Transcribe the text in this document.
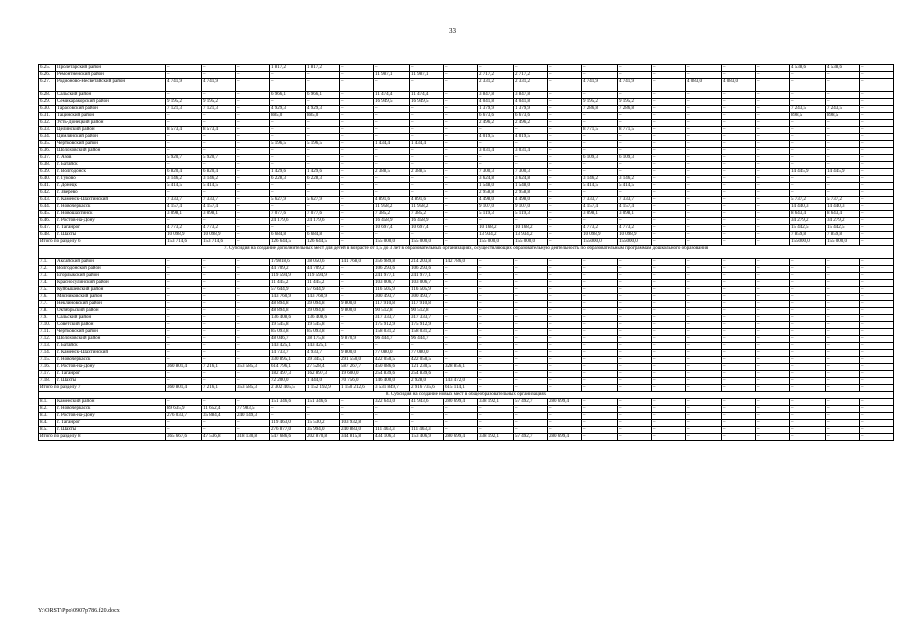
33
6.25.	Пролетарский район	–	–	–	1 817,2	1 817,2	–	–	–	–	–	–	–	–	–	–	–	–	–	4 538,6	4 538,6	–
6.26.	Ремонтненский район	–	–	–	–	–	–	11 987,1	11 987,1	–	2 717,2	2 717,2	–	–	–	–	–	–	–	–	–	–
6.27.	Родионово-Несветайский район	4 741,9	4 741,9	–	–	–	–	–	–	–	2 331,2	2 331,2	–	4 741,9	4 741,9	–	4 083,0	4 083,0	–	–	–	–
6.28.	Сальский район	–	–	–	6 966,1	6 966,1	–	11 474,4	11 474,4	–	3 847,8	3 847,8	–	–	–	–	–	–	–	–	–	–
6.29.	Семикаракорский район	9 195,2	9 195,2	–	–	–	–	16 949,5	16 949,5	–	4 041,8	4 041,8	–	9 195,2	9 195,2	–	–	–	–	–	–	–
6.30.	Тарасовский район	7 121,3	7 121,3	–	4 929,3	4 929,3	–	–	–	–	1 379,9	1 379,9	–	7 286,8	7 286,8	–	–	–	–	7 243,5	7 243,5	–
6.31.	Тацинский район	–	–	–	885,0	885,0	–	–	–	–	6 673,6	6 673,6	–	–	–	–	–	–	–	898,5	898,5	–
6.32.	Усть-Донецкий район	–	–	–	–	–	–	–	–	–	2 496,2	2 496,2	–	–	–	–	–	–	–	–	–	–
6.33.	Целинский район	8 573,4	8 573,4	–	–	–	–	–	–	–	–	–	–	8 771,5	8 771,5	–	–	–	–	–	–	–
6.34.	Цимлянский район	–	–	–	–	–	–	–	–	–	4 019,5	4 019,5	–	–	–	–	–	–	–	–	–	–
6.35.	Чертковский район	–	–	–	5 196,5	5 196,5	–	1 434,4	1 434,4	–	–	–	–	–	–	–	–	–	–	–	–	–
6.36.	Шолоховский район	–	–	–	–	–	–	–	–	–	3 031,4	3 031,4	–	–	–	–	–	–	–	–	–	–
6.37.	г. Азов	5 920,7	5 920,7	–	–	–	–	–	–	–	–	–	–	6 109,3	6 109,3	–	–	–	–	–	–	–
6.38.	г. Батайск	–	–	–	–	–	–	–	–	–	–	–	–	–	–	–	–	–	–	–	–	–
6.39.	г. Волгодонск	6 820,4	6 820,4	–	1 429,6	1 429,6	–	2 388,5	2 388,5	–	7 300,3	7 300,3	–	–	–	–	–	–	–	14 445,9	14 445,9	–
6.40.	г. Гуково	3 146,2	3 146,2	–	6 228,3	6 228,3	–	–	–	–	3 624,8	3 624,8	–	3 146,2	3 146,2	–	–	–	–	–	–	–
6.41.	г. Донецк	5 414,5	5 414,5	–	–	–	–	–	–	–	1 548,0	1 548,0	–	5 414,5	5 414,5	–	–	–	–	–	–	–
6.42.	г. Зверево	–	–	–	–	–	–	–	–	–	2 958,8	2 958,8	–	–	–	–	–	–	–	–	–	–
6.43.	г. Каменск-Шахтинский	7 333,7	7 333,7	–	5 627,9	5 627,9	–	4 891,6	4 891,6	–	4 498,0	4 498,0	–	7 333,7	7 333,7	–	–	–	–	5 737,2	5 737,2	–
6.44.	г. Новочеркасск	4 157,4	4 157,4	–	–	–	–	11 958,2	11 958,2	–	9 107,0	9 107,0	–	4 157,4	4 157,4	–	–	–	–	14 440,3	14 440,3	–
6.45.	г. Новошахтинск	3 098,1	3 098,1	–	7 077,6	7 077,6	–	7 385,2	7 385,2	–	5 119,3	5 119,3	–	3 098,1	3 098,1	–	–	–	–	8 643,4	8 643,4	–
6.46.	г. Ростов-на-Дону	–	–	–	24 179,6	24 179,6	–	16 458,9	16 458,9	–	–	–	–	–	–	–	–	–	–	34 279,2	34 279,2	–
6.47.	г. Таганрог	4 773,2	4 773,2	–	–	–	–	10 697,4	10 697,4	–	10 168,2	10 168,2	–	4 773,2	4 773,2	–	–	–	–	15 442,5	15 442,5	–
6.48.	г. Шахты	10 098,9	10 098,9	–	6 684,8	6 684,8	–	–	–	–	13 934,2	13 934,2	–	10 098,9	10 098,9	–	–	–	–	7 859,8	7 859,8	–
Итого по разделу 6		153 714,6	153 714,6	–	126 644,5	126 644,5	–	155 000,0	155 000,0	–	155 000,0	155 000,0	–	155000,0	155000,0	–	–	–	–	155000,0	155 000,0	–
7. Субсидия на создание дополнительных мест для детей в возрасте от 1,5 до 3 лет в образовательных организациях, осуществляющих образовательную деятельность по образовательным программам дошкольного образования																						
7.1.	Аксайский район	–	–	–	179818,6	38 050,6	141 768,0	356 989,8	214 203,8	142 786,0	–	–	–	–	–	–	–	–	–	–	–	–
7.2.	Волгодонской район	–	–	–	44 709,2	44 709,2	–	106 293,6	106 293,6	–	–	–	–	–	–	–	–	–	–	–	–	–
7.3.	Егорлыкский район	–	–	–	119 594,9	119 594,9	–	241 977,1	241 977,1	–	–	–	–	–	–	–	–	–	–	–	–	–
7.4.	Красносулинский район	–	–	–	11 445,2	11 445,2	–	103 006,7	103 006,7	–	–	–	–	–	–	–	–	–	–	–	–	–
7.5.	Куйбышевский район	–	–	–	57 644,9	57 644,9	–	116 505,9	116 505,9	–	–	–	–	–	–	–	–	–	–	–	–	–
7.6.	Мясниковский район	–	–	–	143 760,9	143 760,9	–	300 493,7	300 493,7	–	–	–	–	–	–	–	–	–	–	–	–	–
7.7.	Неклиновский район	–	–	–	48 894,8	39 094,8	9 800,0	117 910,8	117 910,8	–	–	–	–	–	–	–	–	–	–	–	–	–
7.8.	Октябрьский район	–	–	–	48 894,8	39 094,8	9 800,0	90 512,8	90 512,8	–	–	–	–	–	–	–	–	–	–	–	–	–
7.9.	Сальский район	–	–	–	136 408,6	136 408,6	–	317 333,7	317 333,7	–	–	–	–	–	–	–	–	–	–	–	–	–
7.10.	Советский район	–	–	–	19 545,8	19 545,8	–	175 912,9	175 912,9	–	–	–	–	–	–	–	–	–	–	–	–	–
7.11.	Чертковский район	–	–	–	85 093,8	85 093,8	–	158 031,2	158 031,2	–	–	–	–	–	–	–	–	–	–	–	–	–
7.12.	Шолоховский район	–	–	–	48 046,7	38 175,8	9 870,9	96 444,7	96 444,7	–	–	–	–	–	–	–	–	–	–	–	–	–
7.13.	г. Батайск	–	–	–	143 425,1	143 425,1	–	–	–	–	–	–	–	–	–	–	–	–	–	–	–	–
7.14.	г. Каменск-Шахтинский	–	–	–	14 733,7	4 933,7	9 800,0	77 080,0	77 080,0	–	–	–	–	–	–	–	–	–	–	–	–	–
7.15.	г. Новочеркасск	–	–	–	330 895,1	39 345,1	291 550,0	422 050,5	422 050,5	–	–	–	–	–	–	–	–	–	–	–	–	–
7.16.	г. Ростов-на-Дону	360 801,4	7 216,1	353 585,3	614 796,1	27 528,4	587 267,7	450 086,6	121 230,5	328 856,1	–	–	–	–	–	–	–	–	–	–	–	–
7.17.	г. Таганрог	–	–	–	182 497,3	162 897,3	19 600,0	254 839,6	254 839,6	–	–	–	–	–	–	–	–	–	–	–	–	–
7.18.	г. Шахты	–	–	–	72 200,0	1 444,0	70 756,0	146 400,0	2 928,0	143 472,0	–	–	–	–	–	–	–	–	–	–	–	–
Итого по разделу 7		360 801,4	7 216,1	353 585,3	2 302 405,5	1 152 192,9	1 150 212,6	3 531 849,7	2 916 735,6	615 114,1	–	–	–	–	–	–	–	–	–	–	–	–
8. Субсидия на создание новых мест в общеобразовательных организациях																						
8.1.	Каменский район	–	–	–	151 346,6	151 346,6	–	322 643,0	41 943,6	280 699,4	338 192,1	57 492,7	280 699,4	–	–	–	–	–	–	–	–	–
8.2.	г. Новочеркасск	89 635,9	11 652,4	77 983,5	–	–	–	–	–	–	–	–	–	–	–	–	–	–	–	–	–	–
8.3.	г. Ростов-на-Дону	276 033,7	35 884,4	240 149,3	–	–	–	–	–	–	–	–	–	–	–	–	–	–	–	–	–	–
8.4.	г. Таганрог	–	–	–	119 463,0	15 530,2	103 932,8	–	–	–	–	–	–	–	–	–	–	–	–	–	–	–
8.5.	г. Шахты	–	–	–	276 877,0	35 994,0	240 883,0	111 463,3	111 463,3	–	–	–	–	–	–	–	–	–	–	–	–	–
Итого по разделу 8		365 667,6	47 536,8	318 130,8	547 686,6	202 870,8	344 815,8	434 106,3	153 406,9	280 699,4	338 192,1	57 492,7	280 699,4	–	–	–	–	–	–	–	–	–
Y:\ORST\Ppo\0907p786.f20.docx
